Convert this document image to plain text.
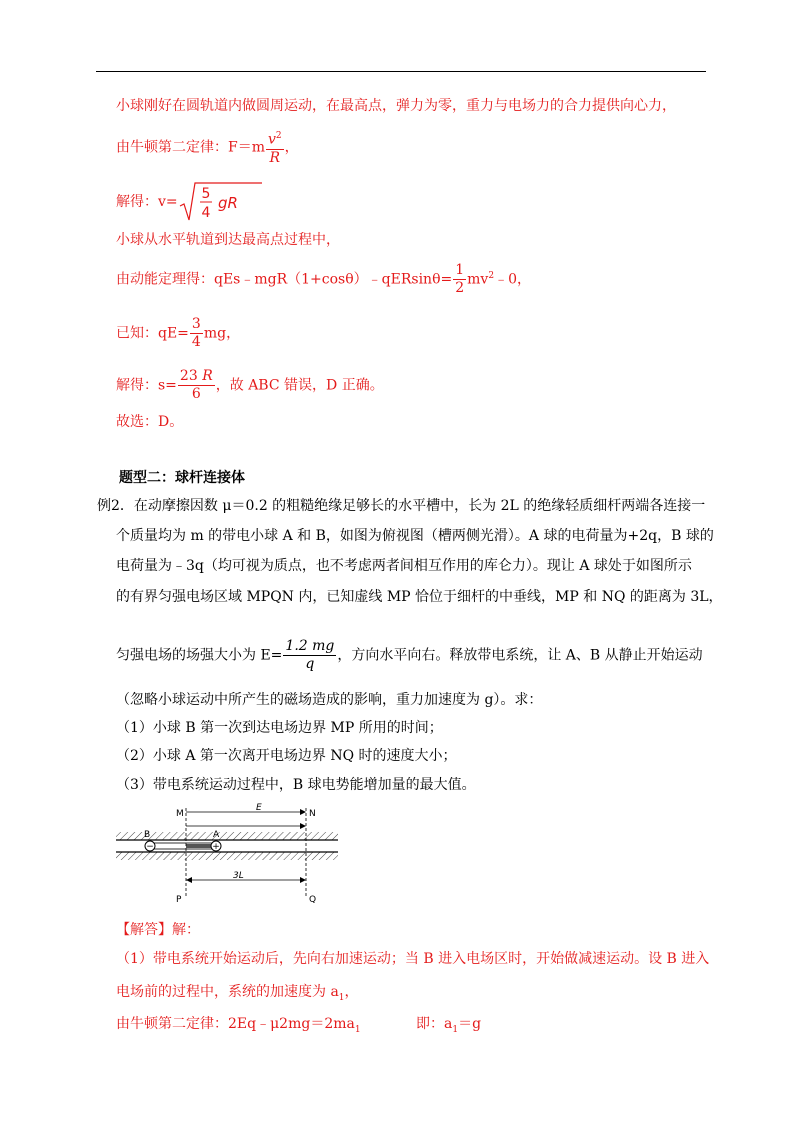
小球刚好在圆轨道内做圆周运动，在最高点，弹力为零，重力与电场力的合力提供向心力，
由牛顿第二定律：$F=m \frac{v^2}{R}$ ，
解得：v= 5
4
gR
小球从水平轨道到达最高点过程中，
由动能定理得：qEs﹣mgR（1+cosθ）﹣qERsinθ= $\frac{1}{2}$ $mv^2﹣0$，
已知：$qE= \frac{3}{4}$ mg，
解得：$s= \frac{23 R}{6}$ ，故 ABC 错误，D 正确。
故选：D。
题型二：球杆连接体
例2．在动摩擦因数 μ＝0.2 的粗糙绝缘足够长的水平槽中，长为 2L 的绝缘轻质细杆两端各连接一
个质量均为 m 的带电小球 A 和 B，如图为俯视图（槽两侧光滑）。A 球的电荷量为+2q，B 球的
电荷量为﹣3q（均可视为质点，也不考虑两者间相互作用的库仑力）。现让 A 球处于如图所示
的有界匀强电场区域 MPQN 内，已知虚线 MP 恰位于细杆的中垂线，MP 和 NQ 的距离为 3L，
匀强电场的场强大小为 $E= \frac{1.2 mg}{q}$ ，方向水平向右。释放带电系统，让 A、B 从静止开始运动
（忽略小球运动中所产生的磁场造成的影响，重力加速度为 g）。求：
（1）小球 B 第一次到达电场边界 MP 所用的时间；
（2）小球 A 第一次离开电场边界 NQ 时的速度大小；
（3）带电系统运动过程中，B 球电势能增加量的最大值。
−	+
B	A
M	N
P	Q
E
3L
【解答】解：
（1）带电系统开始运动后，先向右加速运动；当 B 进入电场区时，开始做减速运动。设 B 进入
电场前的过程中，系统的加速度为 $a_1$，
由牛顿第二定律：$2Eq﹣\mu 2mg=2ma_1$	即：$a_1=g$
